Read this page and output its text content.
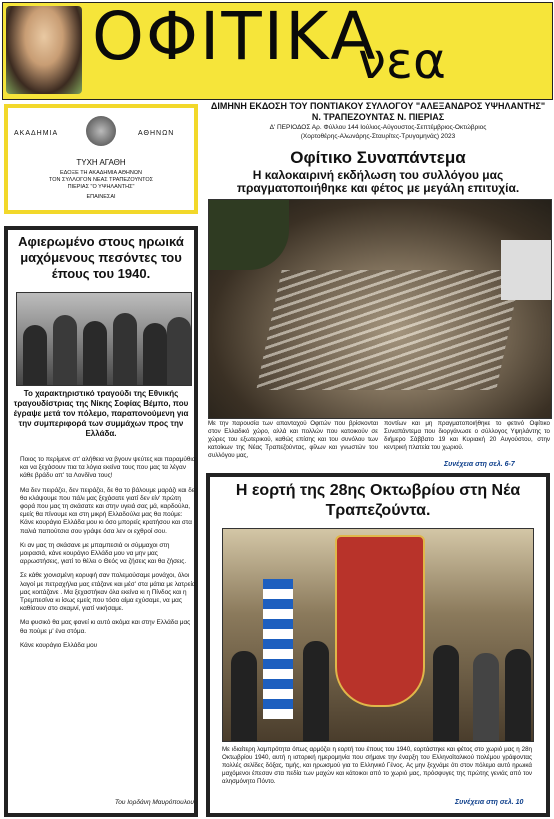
ΟΦΙΤΙΚΑ
νεα
ΑΚΑΔΗΜΙΑ	ΑΘΗΝΩΝ
ΤΥΧΗ ΑΓΑΘΗ
ΕΔΟΞΕ ΤΗ ΑΚΑΔΗΜΙΑ ΑΘΗΝΩΝ
ΤΟΝ ΣΥΛΛΟΓΟΝ ΝΕΑΣ ΤΡΑΠΕΖΟΥΝΤΟΣ
ΠΙΕΡΙΑΣ "Ο ΥΨΗΛΑΝΤΗΣ"
ΕΠΑΙΝΕΣΑΙ
ΔΙΜΗΝΗ ΕΚΔΟΣΗ ΤΟΥ ΠΟΝΤΙΑΚΟΥ ΣΥΛΛΟΓΟΥ "ΑΛΕΞΑΝΔΡΟΣ ΥΨΗΛΑΝΤΗΣ"
Ν. ΤΡΑΠΕΖΟΥΝΤΑΣ Ν. ΠΙΕΡΙΑΣ
Δ' ΠΕΡΙΟΔΟΣ Αρ. Φύλλου 144 Ιούλιος-Αύγουστος-Σεπτέμβριος-Οκτώβριος
(Χορτοθέρης-Αλωνάρης-Σταυρίτες-Τρυγομηνάς) 2023
Οφίτικο Συναπάντεμα
Η καλοκαιρινή εκδήλωση του συλλόγου μας πραγματοποιήθηκε και φέτος με μεγάλη επιτυχία.
Με την παρουσία των απανταχού Οφιτών που βρίσκονται στον Ελλαδικό χώρο, αλλά και πολλών που κατοικούν σε χώρες του εξωτερικού, καθώς επίσης και του συνόλου των κατοίκων της Νέας Τραπεζούντας, φίλων και γνωστών του συλλόγου μας,
ποντίων και μη πραγματοποιήθηκε το φετινό Οφίτικο Συναπάντεμα που διοργάνωσε ο σύλλογος Υψηλάντης το διήμερο Σάββατο 19 και Κυριακή 20 Αυγούστου, στην κεντρική πλατεία του χωριού.
Συνέχεια στη σελ. 6-7
Αφιερωμένο στους ηρωικά μαχόμενους πεσόντες του έπους του 1940.
Το χαρακτηριστικό τραγούδι της Εθνικής τραγουδίστριας της Νίκης Σοφίας Βέμπο, που έγραψε μετά τον πόλεμο, παραπονούμενη για την συμπεριφορά των συμμάχων προς την Ελλάδα.

Ποιος το περίμενε στ' αλήθεια να βγουν ψεύτες και παραμύθια και να ξεχάσουν πια τα λόγια εκείνα τους που μας τα λέγαν κάθε βράδυ απ' τα Λονδίνα τους!

Μα δεν πειράζει, δεν πειράζει, δε θα το βάλουμε μαράζι και δε θα κλάψουμε που πάλι μας ξεχάσατε γιατί δεν είν' πρώτη φορά που μας τη σκάσατε και στην υγειά σας μά, καρδούλα, εμείς θα πίνουμε και στη μικρή Ελλαδούλα μας θα πούμε: Κάνε κουράγιο Ελλάδα μου κι όσο μπορείς κρατήσου και στα παλιά παπούτσια σου γράψε όσα λεν οι εχθροί σου.

Κι αν μας τη σκάσανε με μπαμπεσιά οι σύμμαχοι στη μοιρασιά, κάνε κουράγιο Ελλάδα μου να μην μας αρρωστήσεις, γιατί το θέλει ο Θεός να ζήσεις και θα ζήσεις.

Σε κάθε χιονισμένη κορυφή σαν πολεμούσαμε μονάχοι, όλοι λαγοί με πετραχήλια μας ετάζανε και μέσ' στα μάτια με λατρεία μας κοιτάζανε . Μα ξεχαστήκαν όλα εκείνα κι η Πίνδος και η Τρεμπεσίνα κι ίσως εμείς που τόσο αίμα εχύσαμε, να μας καθίσουν στο σκαμνί, γιατί νικήσαμε.

Μα φυσικό θα μας φανεί κι αυτό ακόμα και στην Ελλάδα μας θα πούμε μ' ένα στόμα.

Κάνε κουράγιο Ελλάδα μου

Του Ιορδάνη Μαυρόπουλου
Η εορτή της 28ης Οκτωβρίου στη Νέα Τραπεζούντα.
Με ιδιαίτερη λαμπρότητα όπως αρμόζει η εορτή του έπους του 1940, εορτάστηκε και φέτος στο χωριό μας η 28η Οκτωβρίου 1940, αυτή η ιστορική ημερομηνία που σήμανε την έναρξη του Ελληνοϊταλικού πολέμου γράφοντας πολλές σελίδες δόξας, τιμής, και ηρωισμού για το Ελληνικό Γένος. Ας μην ξεχνάμε ότι στον πόλεμο αυτό ηρωικά μαχόμενοι έπεσαν στα πεδία των μαχών και κάτοικοι από το χωριό μας, πρόσφυγες της πρώτης γενιάς από τον αλησμόνητο Πόντο.
Συνέχεια στη σελ. 10
